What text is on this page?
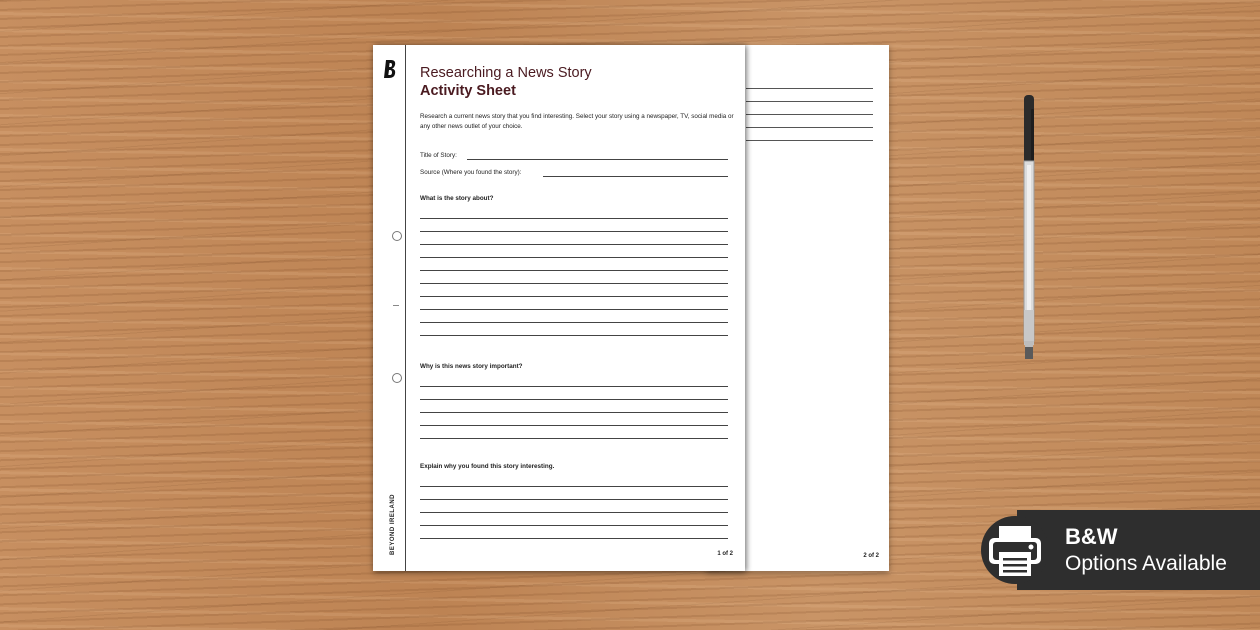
2 of 2
BEYOND IRELAND
Researching a News Story
Activity Sheet
Research a current news story that you find interesting. Select your story using a newspaper, TV, social media or any other news outlet of your choice.
Title of Story:
Source (Where you found the story):
What is the story about?
Why is this news story important?
Explain why you found this story interesting.
1 of 2
B&W
Options Available
